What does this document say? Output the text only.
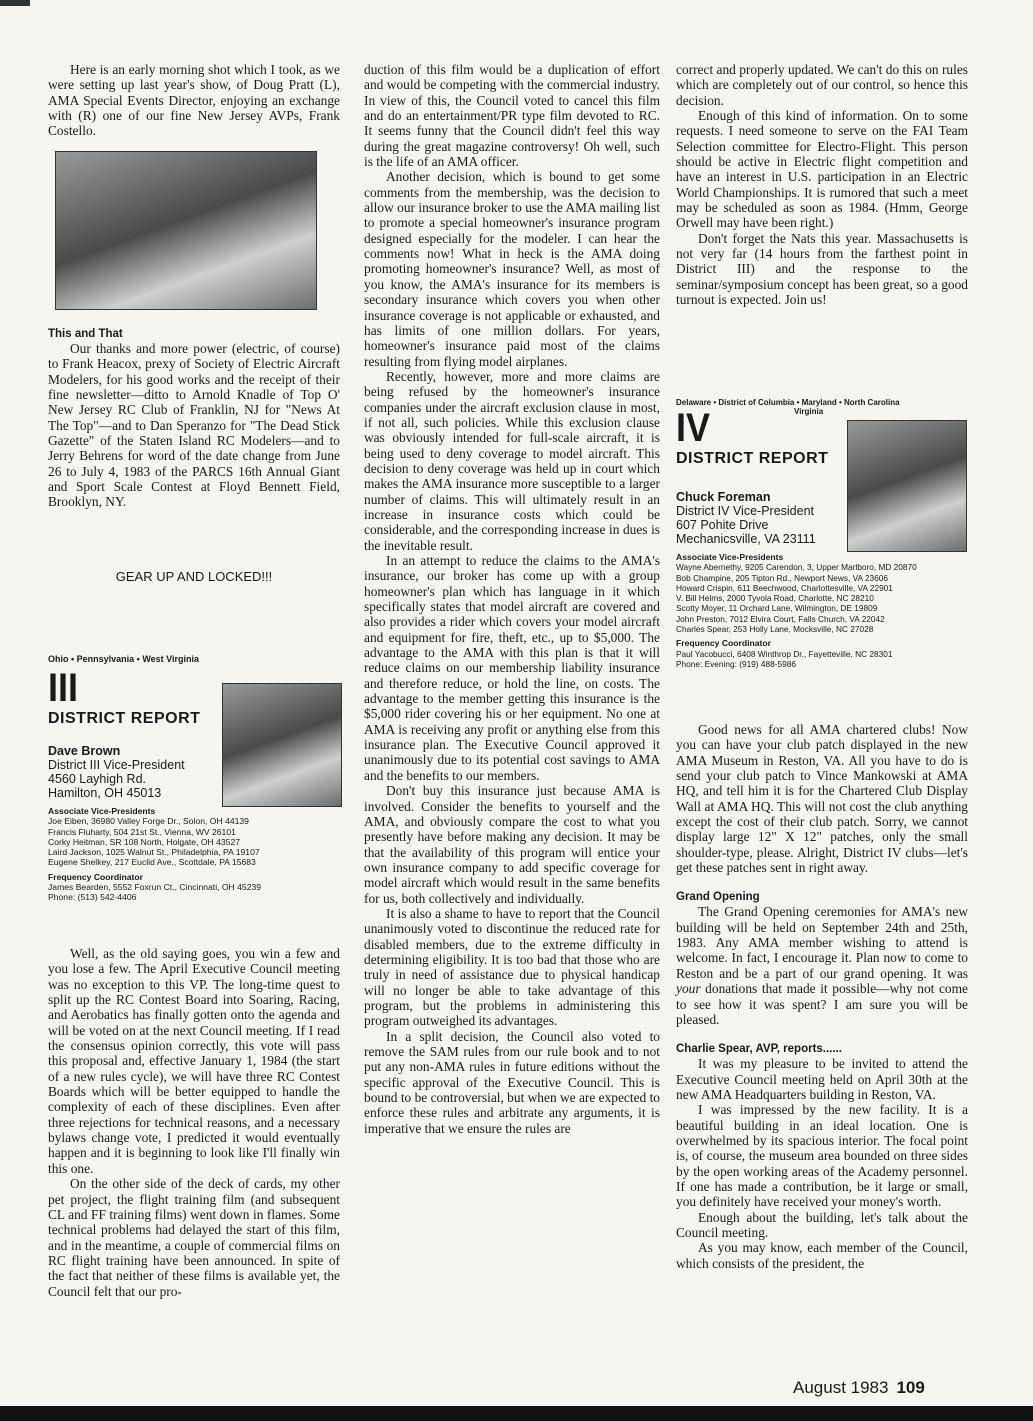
Here is an early morning shot which I took, as we were setting up last year's show, of Doug Pratt (L), AMA Special Events Director, enjoying an exchange with (R) one of our fine New Jersey AVPs, Frank Costello.

This and That

Our thanks and more power (electric, of course) to Frank Heacox, prexy of Society of Electric Aircraft Modelers, for his good works and the receipt of their fine newsletter—ditto to Arnold Knadle of Top O' New Jersey RC Club of Franklin, NJ for "News At The Top"—and to Dan Speranzo for "The Dead Stick Gazette" of the Staten Island RC Modelers—and to Jerry Behrens for word of the date change from June 26 to July 4, 1983 of the PARCS 16th Annual Giant and Sport Scale Contest at Floyd Bennett Field, Brooklyn, NY.

GEAR UP AND LOCKED!!!
Ohio • Pennsylvania • West Virginia
III
DISTRICT REPORT
Dave Brown
District III Vice-President
4560 Layhigh Rd.
Hamilton, OH 45013
Associate Vice-Presidents
Joe Eiben, 36980 Valley Forge Dr., Solon, OH 44139
Francis Fluharty, 504 21st St., Vienna, WV 26101
Corky Heitman, SR 108 North, Holgate, OH 43527
Laird Jackson, 1025 Walnut St., Philadelphia, PA 19107
Eugene Shelkey, 217 Euclid Ave., Scottdale, PA 15683
Frequency Coordinator
James Bearden, 5552 Foxrun Ct., Cincinnati, OH 45239
Phone: (513) 542-4406

Well, as the old saying goes, you win a few and you lose a few. The April Executive Council meeting was no exception to this VP. The long-time quest to split up the RC Contest Board into Soaring, Racing, and Aerobatics has finally gotten onto the agenda and will be voted on at the next Council meeting. If I read the consensus opinion correctly, this vote will pass this proposal and, effective January 1, 1984 (the start of a new rules cycle), we will have three RC Contest Boards which will be better equipped to handle the complexity of each of these disciplines. Even after three rejections for technical reasons, and a necessary bylaws change vote, I predicted it would eventually happen and it is beginning to look like I'll finally win this one.

On the other side of the deck of cards, my other pet project, the flight training film (and subsequent CL and FF training films) went down in flames. Some technical problems had delayed the start of this film, and in the meantime, a couple of commercial films on RC flight training have been announced. In spite of the fact that neither of these films is available yet, the Council felt that our pro-

duction of this film would be a duplication of effort and would be competing with the commercial industry. In view of this, the Council voted to cancel this film and do an entertainment/PR type film devoted to RC. It seems funny that the Council didn't feel this way during the great magazine controversy! Oh well, such is the life of an AMA officer.

Another decision, which is bound to get some comments from the membership, was the decision to allow our insurance broker to use the AMA mailing list to promote a special homeowner's insurance program designed especially for the modeler. I can hear the comments now! What in heck is the AMA doing promoting homeowner's insurance? Well, as most of you know, the AMA's insurance for its members is secondary insurance which covers you when other insurance coverage is not applicable or exhausted, and has limits of one million dollars. For years, homeowner's insurance paid most of the claims resulting from flying model airplanes.

Recently, however, more and more claims are being refused by the homeowner's insurance companies under the aircraft exclusion clause in most, if not all, such policies. While this exclusion clause was obviously intended for full-scale aircraft, it is being used to deny coverage to model aircraft. This decision to deny coverage was held up in court which makes the AMA insurance more susceptible to a larger number of claims. This will ultimately result in an increase in insurance costs which could be considerable, and the corresponding increase in dues is the inevitable result.

In an attempt to reduce the claims to the AMA's insurance, our broker has come up with a group homeowner's plan which has language in it which specifically states that model aircraft are covered and also provides a rider which covers your model aircraft and equipment for fire, theft, etc., up to $5,000. The advantage to the AMA with this plan is that it will reduce claims on our membership liability insurance and therefore reduce, or hold the line, on costs. The advantage to the member getting this insurance is the $5,000 rider covering his or her equipment. No one at AMA is receiving any profit or anything else from this insurance plan. The Executive Council approved it unanimously due to its potential cost savings to AMA and the benefits to our members.

Don't buy this insurance just because AMA is involved. Consider the benefits to yourself and the AMA, and obviously compare the cost to what you presently have before making any decision. It may be that the availability of this program will entice your own insurance company to add specific coverage for model aircraft which would result in the same benefits for us, both collectively and individually.

It is also a shame to have to report that the Council unanimously voted to discontinue the reduced rate for disabled members, due to the extreme difficulty in determining eligibility. It is too bad that those who are truly in need of assistance due to physical handicap will no longer be able to take advantage of this program, but the problems in administering this program outweighed its advantages.

In a split decision, the Council also voted to remove the SAM rules from our rule book and to not put any non-AMA rules in future editions without the specific approval of the Executive Council. This is bound to be controversial, but when we are expected to enforce these rules and arbitrate any arguments, it is imperative that we ensure the rules are

correct and properly updated. We can't do this on rules which are completely out of our control, so hence this decision.

Enough of this kind of information. On to some requests. I need someone to serve on the FAI Team Selection committee for Electro-Flight. This person should be active in Electric flight competition and have an interest in U.S. participation in an Electric World Championships. It is rumored that such a meet may be scheduled as soon as 1984. (Hmm, George Orwell may have been right.)

Don't forget the Nats this year. Massachusetts is not very far (14 hours from the farthest point in District III) and the response to the seminar/symposium concept has been great, so a good turnout is expected. Join us!

Delaware • District of Columbia • Maryland • North Carolina
Virginia
IV
DISTRICT REPORT
Chuck Foreman
District IV Vice-President
607 Pohite Drive
Mechanicsville, VA 23111
Associate Vice-Presidents
Wayne Abernethy, 9205 Carendon, 3, Upper Marlboro, MD 20870
Bob Champine, 205 Tipton Rd., Newport News, VA 23606
Howard Crispin, 611 Beechwood, Charlottesville, VA 22901
V. Bill Helms, 2000 Tyvola Road, Charlotte, NC 28210
Scotty Moyer, 11 Orchard Lane, Wilmington, DE 19809
John Preston, 7012 Elvira Court, Falls Church, VA 22042
Charles Spear, 253 Holly Lane, Mocksville, NC 27028
Frequency Coordinator
Paul Yacobucci, 6408 Winthrop Dr., Fayetteville, NC 28301
Phone: Evening: (919) 488-5986

Good news for all AMA chartered clubs! Now you can have your club patch displayed in the new AMA Museum in Reston, VA. All you have to do is send your club patch to Vince Mankowski at AMA HQ, and tell him it is for the Chartered Club Display Wall at AMA HQ. This will not cost the club anything except the cost of their club patch. Sorry, we cannot display large 12" X 12" patches, only the small shoulder-type, please. Alright, District IV clubs—let's get these patches sent in right away.

Grand Opening

The Grand Opening ceremonies for AMA's new building will be held on September 24th and 25th, 1983. Any AMA member wishing to attend is welcome. In fact, I encourage it. Plan now to come to Reston and be a part of our grand opening. It was your donations that made it possible—why not come to see how it was spent? I am sure you will be pleased.

Charlie Spear, AVP, reports......

It was my pleasure to be invited to attend the Executive Council meeting held on April 30th at the new AMA Headquarters building in Reston, VA.

I was impressed by the new facility. It is a beautiful building in an ideal location. One is overwhelmed by its spacious interior. The focal point is, of course, the museum area bounded on three sides by the open working areas of the Academy personnel. If one has made a contribution, be it large or small, you definitely have received your money's worth.

Enough about the building, let's talk about the Council meeting.

As you may know, each member of the Council, which consists of the president, the

August 1983 109
